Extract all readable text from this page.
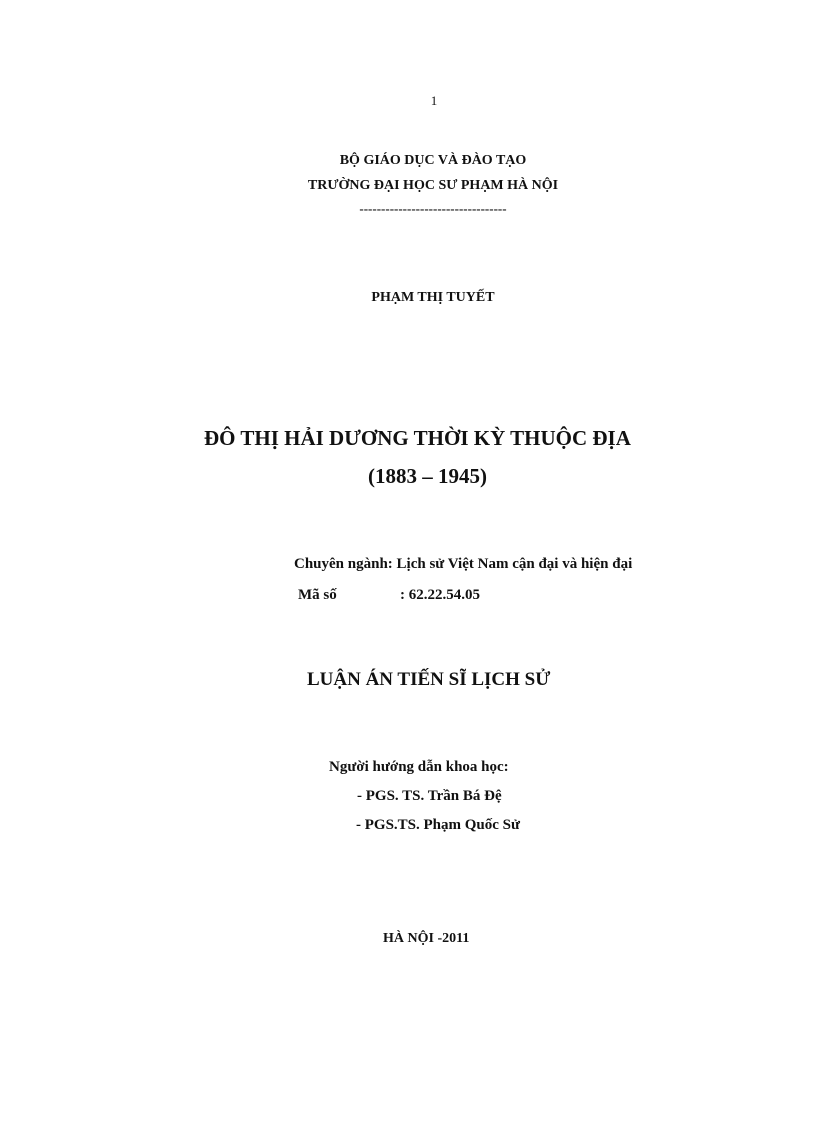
1
BỘ GIÁO DỤC VÀ ĐÀO TẠO
TRƯỜNG ĐẠI HỌC SƯ PHẠM HÀ NỘI
----------------------------------
PHẠM THỊ TUYẾT
ĐÔ THỊ HẢI DƯƠNG THỜI KỲ THUỘC ĐỊA
(1883 – 1945)
Chuyên ngành: Lịch sử Việt Nam cận đại và hiện đại
Mã số	: 62.22.54.05
LUẬN ÁN TIẾN SĨ LỊCH SỬ
Người hướng dẫn khoa học:
- PGS. TS. Trần Bá Đệ
- PGS.TS. Phạm Quốc Sử
HÀ NỘI -2011
